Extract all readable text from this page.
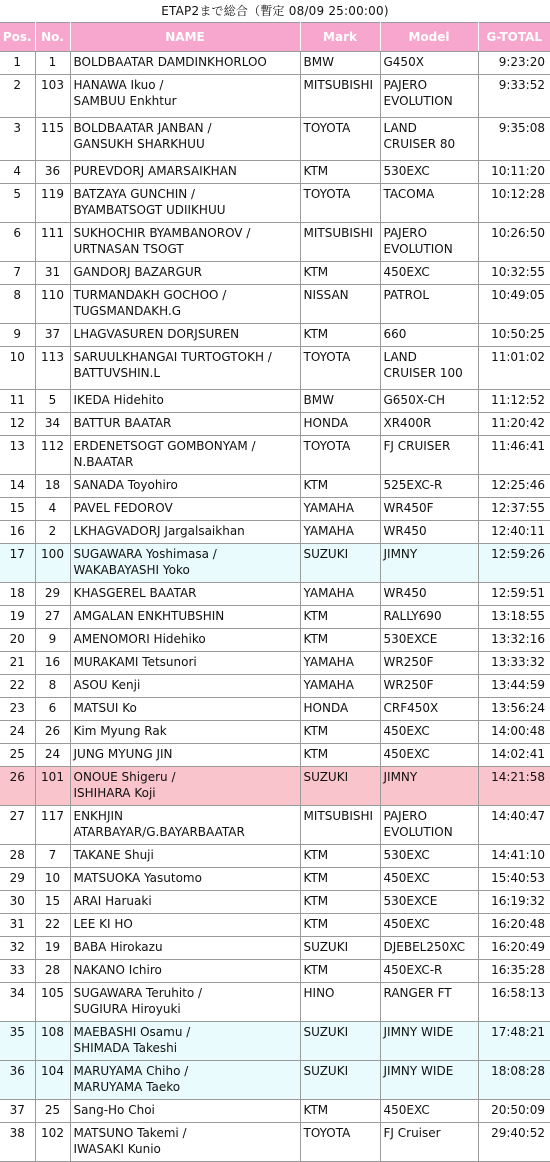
ETAP2まで総合（暫定 08/09 25:00:00)
Pos.	No.	NAME	Mark	Model	G-TOTAL
1	1	BOLDBAATAR DAMDINKHORLOO	BMW	G450X	9:23:20
2	103	HANAWA Ikuo /
SAMBUU Enkhtur	MITSUBISHI	PAJERO
EVOLUTION	9:33:52
3	115	BOLDBAATAR JANBAN /
GANSUKH SHARKHUU	TOYOTA	LAND
CRUISER 80	9:35:08
4	36	PUREVDORJ AMARSAIKHAN	KTM	530EXC	10:11:20
5	119	BATZAYA GUNCHIN /
BYAMBATSOGT UDIIKHUU	TOYOTA	TACOMA	10:12:28
6	111	SUKHOCHIR BYAMBANOROV /
URTNASAN TSOGT	MITSUBISHI	PAJERO
EVOLUTION	10:26:50
7	31	GANDORJ BAZARGUR	KTM	450EXC	10:32:55
8	110	TURMANDAKH GOCHOO /
TUGSMANDAKH.G	NISSAN	PATROL	10:49:05
9	37	LHAGVASUREN DORJSUREN	KTM	660	10:50:25
10	113	SARUULKHANGAI TURTOGTOKH /
BATTUVSHIN.L	TOYOTA	LAND
CRUISER 100	11:01:02
11	5	IKEDA Hidehito	BMW	G650X-CH	11:12:52
12	34	BATTUR BAATAR	HONDA	XR400R	11:20:42
13	112	ERDENETSOGT GOMBONYAM /
N.BAATAR	TOYOTA	FJ CRUISER	11:46:41
14	18	SANADA Toyohiro	KTM	525EXC-R	12:25:46
15	4	PAVEL FEDOROV	YAMAHA	WR450F	12:37:55
16	2	LKHAGVADORJ Jargalsaikhan	YAMAHA	WR450	12:40:11
17	100	SUGAWARA Yoshimasa /
WAKABAYASHI Yoko	SUZUKI	JIMNY	12:59:26
18	29	KHASGEREL BAATAR	YAMAHA	WR450	12:59:51
19	27	AMGALAN ENKHTUBSHIN	KTM	RALLY690	13:18:55
20	9	AMENOMORI Hidehiko	KTM	530EXCE	13:32:16
21	16	MURAKAMI Tetsunori	YAMAHA	WR250F	13:33:32
22	8	ASOU Kenji	YAMAHA	WR250F	13:44:59
23	6	MATSUI Ko	HONDA	CRF450X	13:56:24
24	26	Kim Myung Rak	KTM	450EXC	14:00:48
25	24	JUNG MYUNG JIN	KTM	450EXC	14:02:41
26	101	ONOUE Shigeru /
ISHIHARA Koji	SUZUKI	JIMNY	14:21:58
27	117	ENKHJIN
ATARBAYAR/G.BAYARBAATAR	MITSUBISHI	PAJERO
EVOLUTION	14:40:47
28	7	TAKANE Shuji	KTM	530EXC	14:41:10
29	10	MATSUOKA Yasutomo	KTM	450EXC	15:40:53
30	15	ARAI Haruaki	KTM	530EXCE	16:19:32
31	22	LEE KI HO	KTM	450EXC	16:20:48
32	19	BABA Hirokazu	SUZUKI	DJEBEL250XC	16:20:49
33	28	NAKANO Ichiro	KTM	450EXC-R	16:35:28
34	105	SUGAWARA Teruhito /
SUGIURA Hiroyuki	HINO	RANGER FT	16:58:13
35	108	MAEBASHI Osamu /
SHIMADA Takeshi	SUZUKI	JIMNY WIDE	17:48:21
36	104	MARUYAMA Chiho /
MARUYAMA Taeko	SUZUKI	JIMNY WIDE	18:08:28
37	25	Sang-Ho Choi	KTM	450EXC	20:50:09
38	102	MATSUNO Takemi /
IWASAKI Kunio	TOYOTA	FJ Cruiser	29:40:52
